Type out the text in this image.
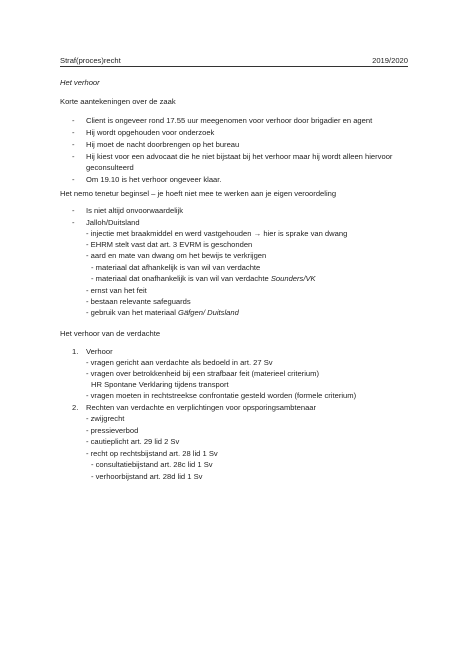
Straf(proces)recht	2019/2020
Het verhoor
Korte aantekeningen over de zaak
- Client is ongeveer rond 17.55 uur meegenomen voor verhoor door brigadier en agent
- Hij wordt opgehouden voor onderzoek
- Hij moet de nacht doorbrengen op het bureau
- Hij kiest voor een advocaat die he niet bijstaat bij het verhoor maar hij wordt alleen hiervoor
geconsulteerd
- Om 19.10 is het verhoor ongeveer klaar.
Het nemo tenetur beginsel – je hoeft niet mee te werken aan je eigen veroordeling
- Is niet altijd onvoorwaardelijk
- Jalloh/Duitsland
- injectie met braakmiddel en werd vastgehouden → hier is sprake van dwang
- EHRM stelt vast dat art. 3 EVRM is geschonden
- aard en mate van dwang om het bewijs te verkrijgen
- materiaal dat afhankelijk is van wil van verdachte
- materiaal dat onafhankelijk is van wil van verdachte Sounders/VK
- ernst van het feit
- bestaan relevante safeguards
- gebruik van het materiaal Gäfgen/ Duitsland
Het verhoor van de verdachte
1. Verhoor
- vragen gericht aan verdachte als bedoeld in art. 27 Sv
- vragen over betrokkenheid bij een strafbaar feit (materieel criterium)
HR Spontane Verklaring tijdens transport
- vragen moeten in rechtstreekse confrontatie gesteld worden (formele criterium)
2. Rechten van verdachte en verplichtingen voor opsporingsambtenaar
- zwijgrecht
- pressieverbod
- cautieplicht art. 29 lid 2 Sv
- recht op rechtsbijstand art. 28 lid 1 Sv
- consultatiebijstand art. 28c lid 1 Sv
- verhoorbijstand art. 28d lid 1 Sv
